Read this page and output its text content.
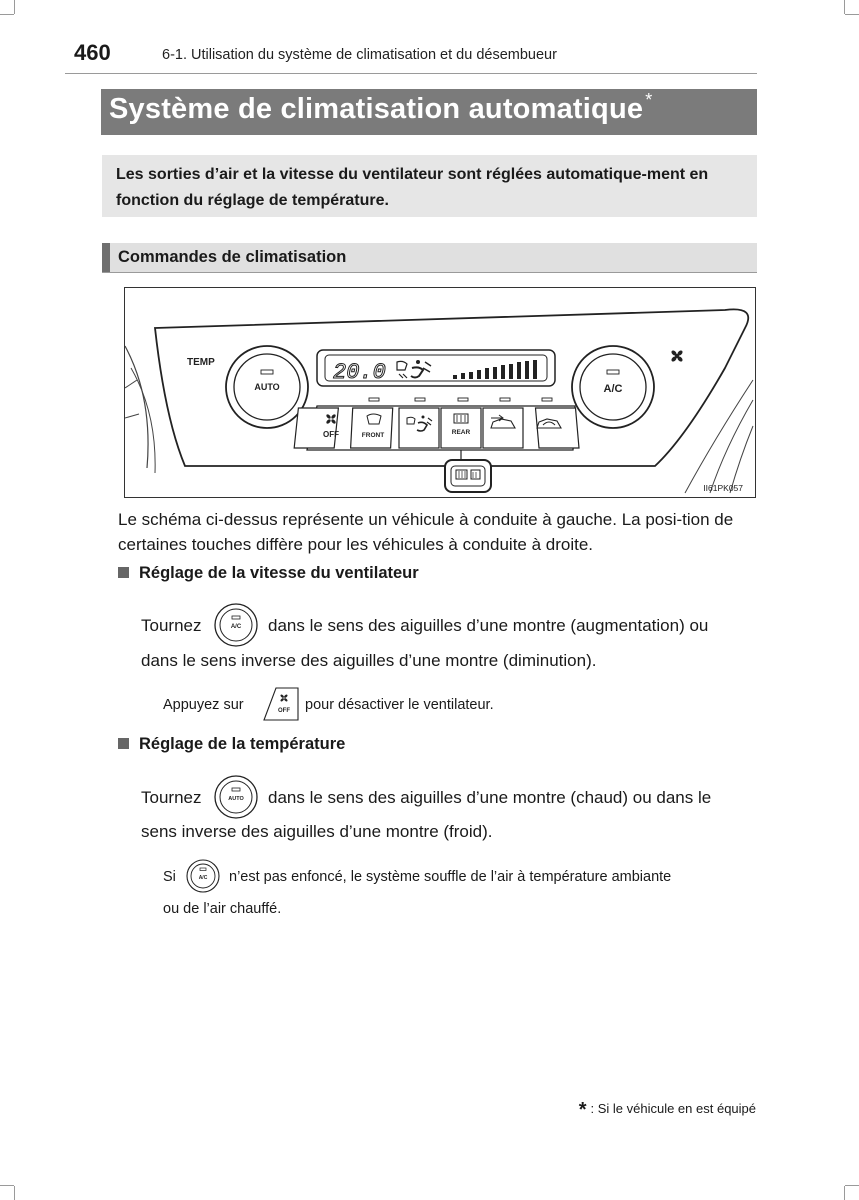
460	6-1. Utilisation du système de climatisation et du désembueur
Système de climatisation automatique *

Les sorties d’air et la vitesse du ventilateur sont réglées automatique-ment en fonction du réglage de température.

Commandes de climatisation
TEMP
AUTO	A/C
20.0
OFF	FRONT	REAR
II61PK057
Le schéma ci-dessus représente un véhicule à conduite à gauche. La posi-tion de certaines touches diffère pour les véhicules à conduite à droite.
Réglage de la vitesse du ventilateur
Tournez	A/C dans le sens des aiguilles d’une montre (augmentation) ou
dans le sens inverse des aiguilles d’une montre (diminution).
Appuyez sur	OFF pour désactiver le ventilateur.
Réglage de la température
Tournez	AUTO dans le sens des aiguilles d’une montre (chaud) ou dans le
sens inverse des aiguilles d’une montre (froid).
Si	A/C n’est pas enfoncé, le système souffle de l’air à température ambiante
ou de l’air chauffé.
* : Si le véhicule en est équipé
